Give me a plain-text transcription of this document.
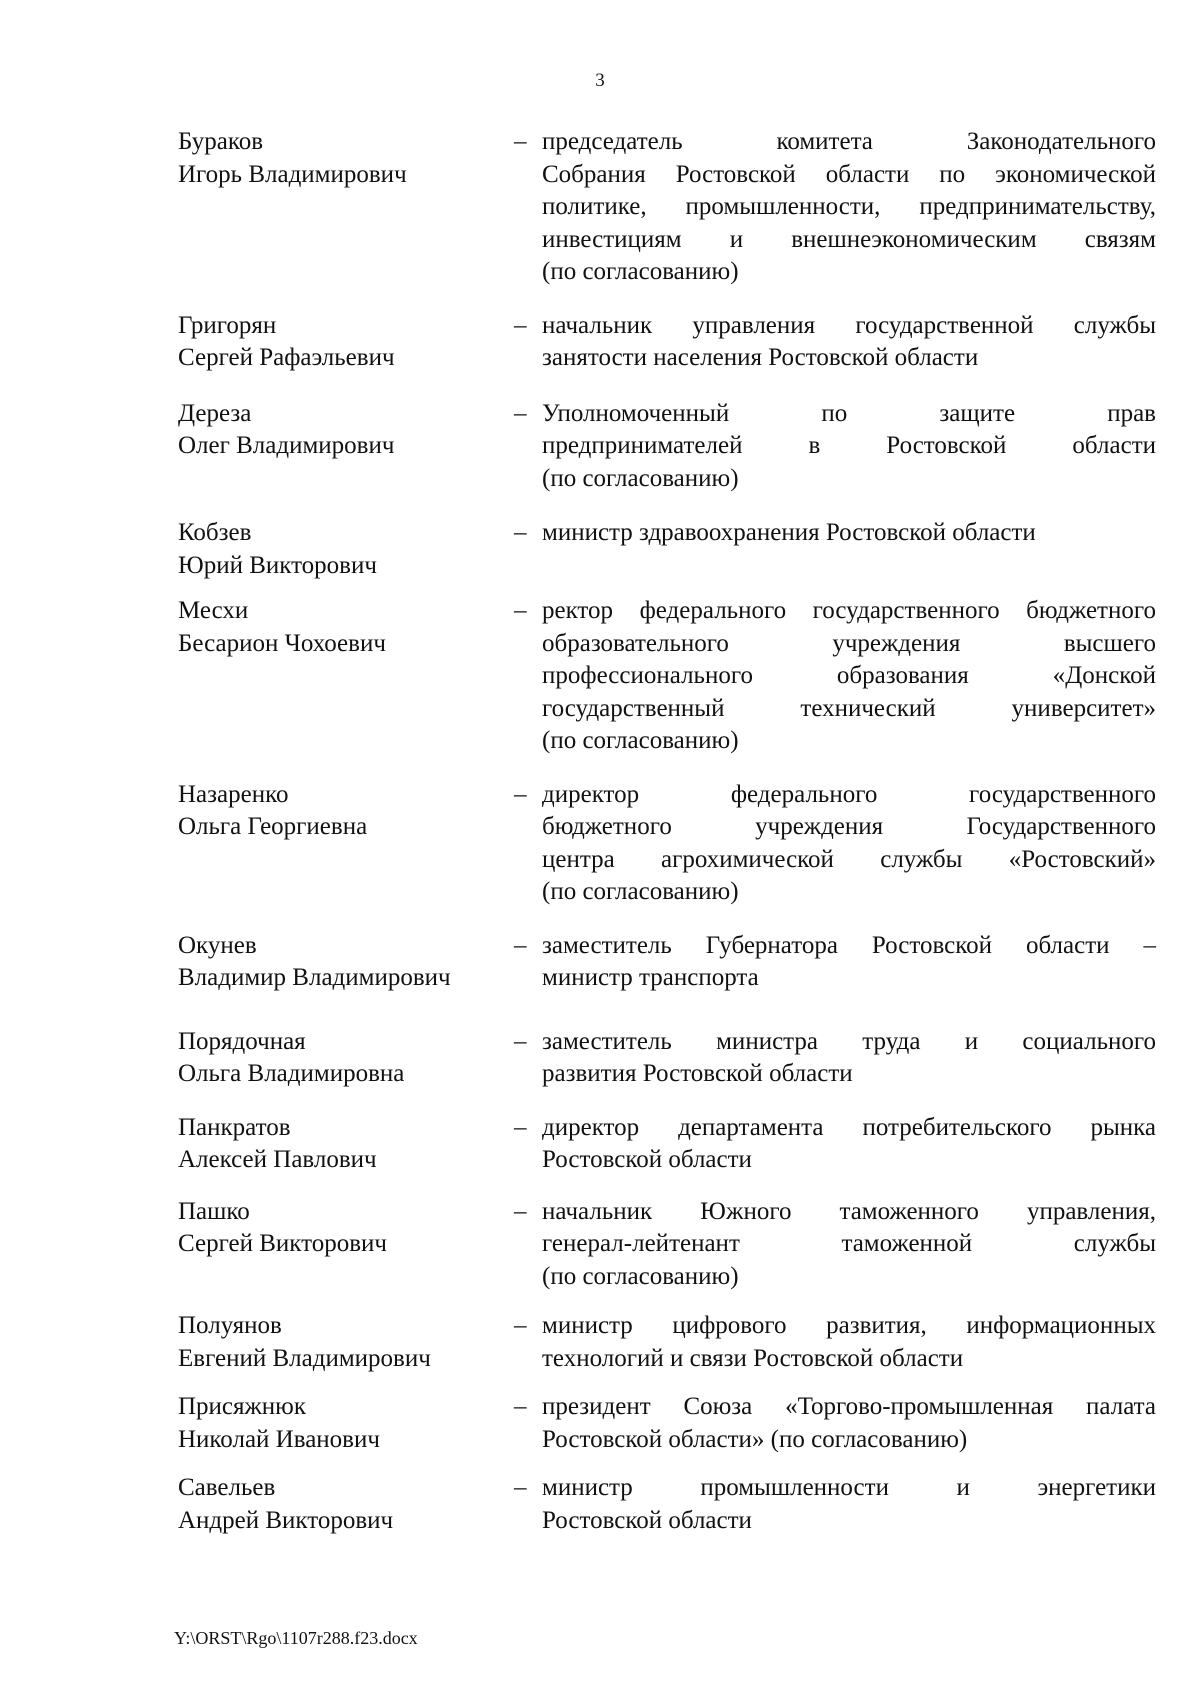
3
Бураков
Игорь Владимирович
– председатель комитета Законодательного
Собрания Ростовской области по экономической
политике, промышленности, предпринимательству,
инвестициям и внешнеэкономическим связям
(по согласованию)
Григорян
Сергей Рафаэльевич
– начальник управления государственной службы
занятости населения Ростовской области
Дереза
Олег Владимирович
– Уполномоченный по защите прав
предпринимателей в Ростовской области
(по согласованию)
Кобзев
Юрий Викторович
– министр здравоохранения Ростовской области
Месхи
Бесарион Чохоевич
– ректор федерального государственного бюджетного
образовательного учреждения высшего
профессионального образования «Донской
государственный технический университет»
(по согласованию)
Назаренко
Ольга Георгиевна
– директор федерального государственного
бюджетного учреждения Государственного
центра агрохимической службы «Ростовский»
(по согласованию)
Окунев
Владимир Владимирович
– заместитель Губернатора Ростовской области –
министр транспорта
Порядочная
Ольга Владимировна
– заместитель министра труда и социального
развития Ростовской области
Панкратов
Алексей Павлович
– директор департамента потребительского рынка
Ростовской области
Пашко
Сергей Викторович
– начальник Южного таможенного управления,
генерал-лейтенант таможенной службы
(по согласованию)
Полуянов
Евгений Владимирович
– министр цифрового развития, информационных
технологий и связи Ростовской области
Присяжнюк
Николай Иванович
– президент Союза «Торгово-промышленная палата
Ростовской области» (по согласованию)
Савельев
Андрей Викторович
– министр промышленности и энергетики
Ростовской области
Y:\ORST\Rgo\1107r288.f23.docx
